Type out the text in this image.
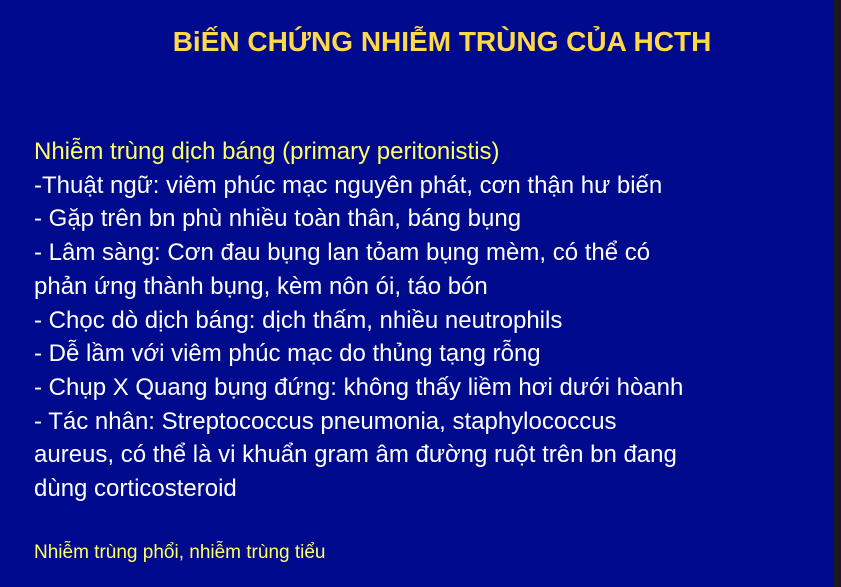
BiẾN CHỨNG NHIỄM TRÙNG CỦA HCTH
Nhiễm trùng dịch báng (primary peritonistis)
-Thuật ngữ: viêm phúc mạc nguyên phát, cơn thận hư biến
- Gặp trên bn phù nhiều toàn thân, báng bụng
- Lâm sàng: Cơn đau bụng lan tỏam bụng mèm, có thể có
phản ứng thành bụng, kèm nôn ói, táo bón
- Chọc dò dịch báng: dịch thấm, nhiều neutrophils
- Dễ lầm với viêm phúc mạc do thủng tạng rỗng
- Chụp X Quang bụng đứng: không thấy liềm hơi dưới hòanh
- Tác nhân: Streptococcus pneumonia, staphylococcus
aureus, có thể là vi khuẩn gram âm đường ruột trên bn đang
dùng corticosteroid
Nhiễm trùng phổi, nhiễm trùng tiểu
